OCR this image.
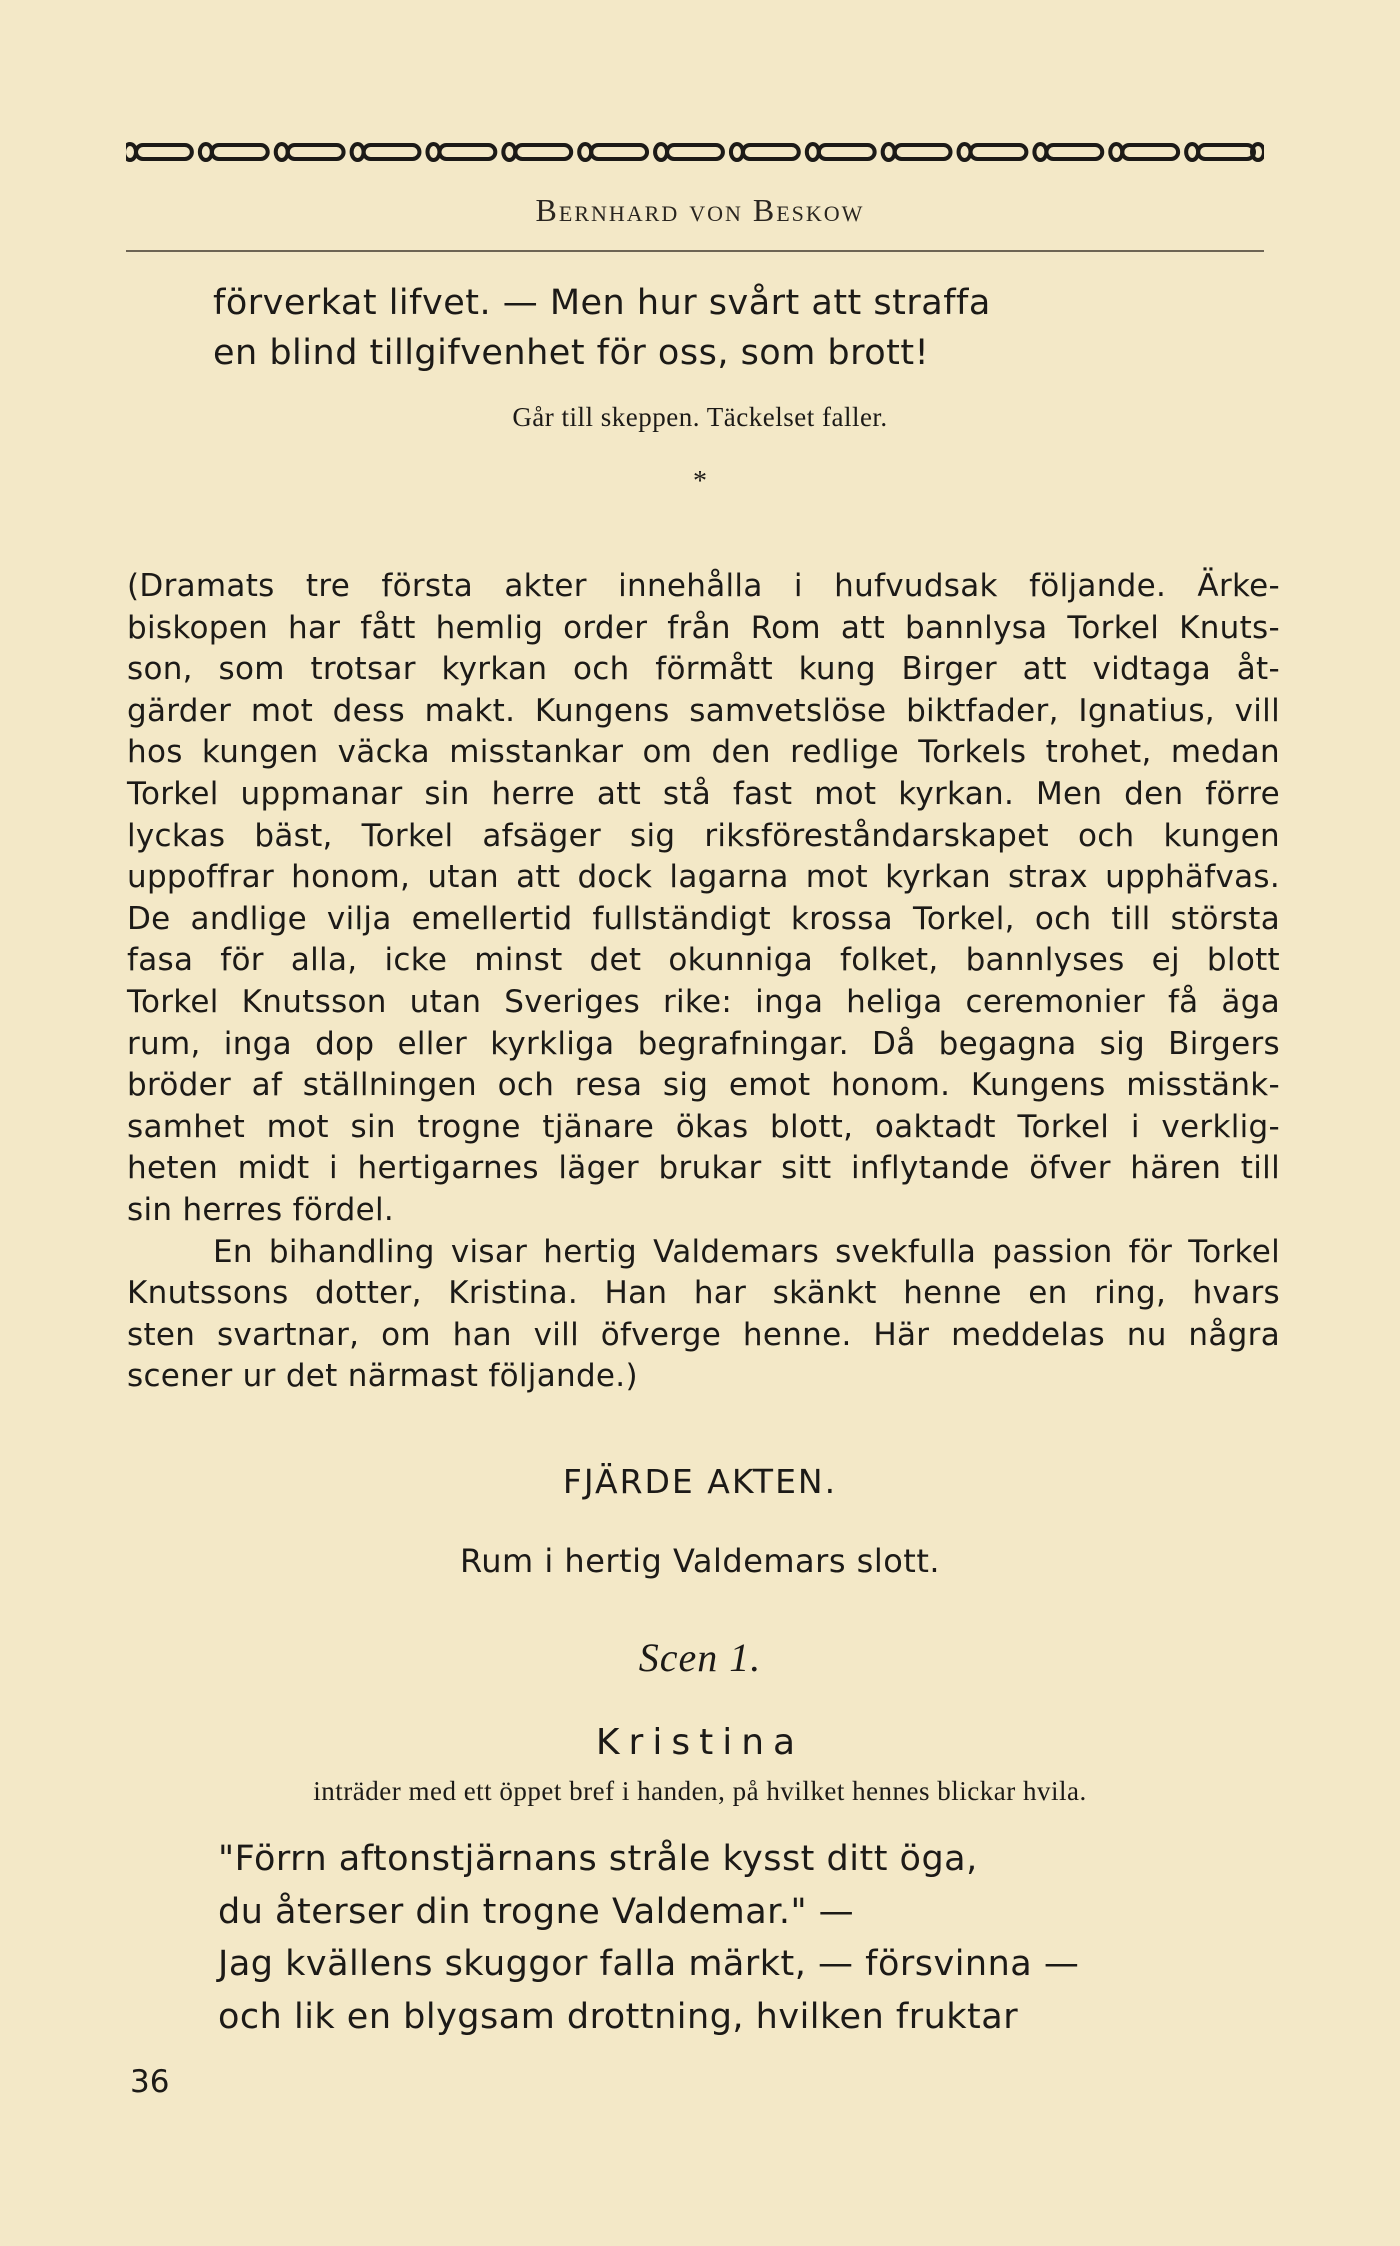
Bernhard von Beskow
förverkat lifvet. — Men hur svårt att straffa
en blind tillgifvenhet för oss, som brott!
Går till skeppen. Täckelset faller.
*

(Dramats tre första akter innehålla i hufvudsak följande. Ärke-
biskopen har fått hemlig order från Rom att bannlysa Torkel Knuts-
son, som trotsar kyrkan och förmått kung Birger att vidtaga åt-
gärder mot dess makt. Kungens samvetslöse biktfader, Ignatius, vill
hos kungen väcka misstankar om den redlige Torkels trohet, medan
Torkel uppmanar sin herre att stå fast mot kyrkan. Men den förre
lyckas bäst, Torkel afsäger sig riksföreståndarskapet och kungen
uppoffrar honom, utan att dock lagarna mot kyrkan strax upphäfvas.
De andlige vilja emellertid fullständigt krossa Torkel, och till största
fasa för alla, icke minst det okunniga folket, bannlyses ej blott
Torkel Knutsson utan Sveriges rike: inga heliga ceremonier få äga
rum, inga dop eller kyrkliga begrafningar. Då begagna sig Birgers
bröder af ställningen och resa sig emot honom. Kungens misstänk-
samhet mot sin trogne tjänare ökas blott, oaktadt Torkel i verklig-
heten midt i hertigarnes läger brukar sitt inflytande öfver hären till
sin herres fördel.

En bihandling visar hertig Valdemars svekfulla passion för Torkel
Knutssons dotter, Kristina. Han har skänkt henne en ring, hvars
sten svartnar, om han vill öfverge henne. Här meddelas nu några
scener ur det närmast följande.)

FJÄRDE AKTEN.
Rum i hertig Valdemars slott.
Scen 1.
Kristina
inträder med ett öppet bref i handen, på hvilket hennes blickar hvila.
"Förrn aftonstjärnans stråle kysst ditt öga,
du återser din trogne Valdemar." —
Jag kvällens skuggor falla märkt, — försvinna —
och lik en blygsam drottning, hvilken fruktar
36
